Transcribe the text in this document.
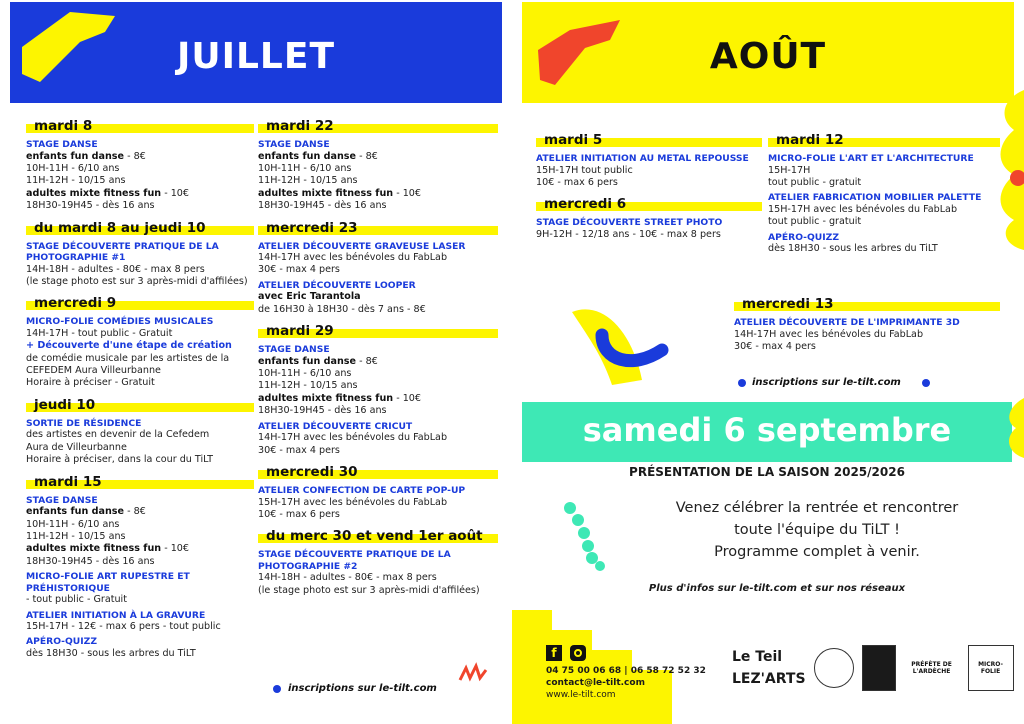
JUILLET
mardi 8
STAGE DANSE
enfants fun danse - 8€
10H-11H - 6/10 ans
11H-12H - 10/15 ans
adultes mixte fitness fun - 10€
18H30-19H45 - dès 16 ans
du mardi 8 au jeudi 10
STAGE DÉCOUVERTE PRATIQUE DE LA PHOTOGRAPHIE #1
14H-18H - adultes - 80€ - max 8 pers
(le stage photo est sur 3 après-midi d'affilées)
mercredi 9
MICRO-FOLIE COMÉDIES MUSICALES
14H-17H - tout public - Gratuit
+ Découverte d'une étape de création
de comédie musicale par les artistes de la CEFEDEM Aura Villeurbanne
Horaire à préciser - Gratuit
jeudi 10
SORTIE DE RÉSIDENCE
des artistes en devenir de la Cefedem
Aura de Villeurbanne
Horaire à préciser, dans la cour du TiLT
mardi 15
STAGE DANSE
enfants fun danse - 8€
10H-11H - 6/10 ans
11H-12H - 10/15 ans
adultes mixte fitness fun - 10€
18H30-19H45 - dès 16 ans
MICRO-FOLIE ART RUPESTRE ET PRÉHISTORIQUE
- tout public - Gratuit
ATELIER INITIATION À LA GRAVURE
15H-17H - 12€ - max 6 pers - tout public
APÉRO-QUIZZ
dès 18H30 - sous les arbres du TiLT
mardi 22
STAGE DANSE
enfants fun danse - 8€
10H-11H - 6/10 ans
11H-12H - 10/15 ans
adultes mixte fitness fun - 10€
18H30-19H45 - dès 16 ans
mercredi 23
ATELIER DÉCOUVERTE GRAVEUSE LASER
14H-17H avec les bénévoles du FabLab
30€ - max 4 pers
ATELIER DÉCOUVERTE LOOPER
avec Eric Tarantola
de 16H30 à 18H30 - dès 7 ans - 8€
mardi 29
STAGE DANSE
enfants fun danse - 8€
10H-11H - 6/10 ans
11H-12H - 10/15 ans
adultes mixte fitness fun - 10€
18H30-19H45 - dès 16 ans
ATELIER DÉCOUVERTE CRICUT
14H-17H avec les bénévoles du FabLab
30€ - max 4 pers
mercredi 30
ATELIER CONFECTION DE CARTE POP-UP
15H-17H avec les bénévoles du FabLab
10€ - max 6 pers
du merc 30 et vend 1er août
STAGE DÉCOUVERTE PRATIQUE DE LA PHOTOGRAPHIE #2
14H-18H - adultes - 80€ - max 8 pers
(le stage photo est sur 3 après-midi d'affilées)
inscriptions sur le-tilt.com
AOÛT
mardi 5
ATELIER INITIATION AU METAL REPOUSSE
15H-17H tout public
10€ - max 6 pers
mercredi 6
STAGE DÉCOUVERTE STREET PHOTO
9H-12H - 12/18 ans - 10€ - max 8 pers
mardi 12
MICRO-FOLIE L'ART ET L'ARCHITECTURE
15H-17H
tout public - gratuit
ATELIER FABRICATION MOBILIER PALETTE
15H-17H avec les bénévoles du FabLab
tout public - gratuit
APÉRO-QUIZZ
dès 18H30 - sous les arbres du TiLT
mercredi 13
ATELIER DÉCOUVERTE DE L'IMPRIMANTE 3D
14H-17H avec les bénévoles du FabLab
30€ - max 4 pers
inscriptions sur le-tilt.com
samedi 6 septembre
PRÉSENTATION DE LA SAISON 2025/2026
Venez célébrer la rentrée et rencontrer
toute l'équipe du TiLT !
Programme complet à venir.
Plus d'infos sur le-tilt.com et sur nos réseaux
f
04 75 00 06 68 | 06 58 72 52 32
contact@le-tilt.com
www.le-tilt.com
Le Teil
LEZ'ARTS
PRÉFÈTE DE L'ARDÈCHE
MICRO-FOLIE
